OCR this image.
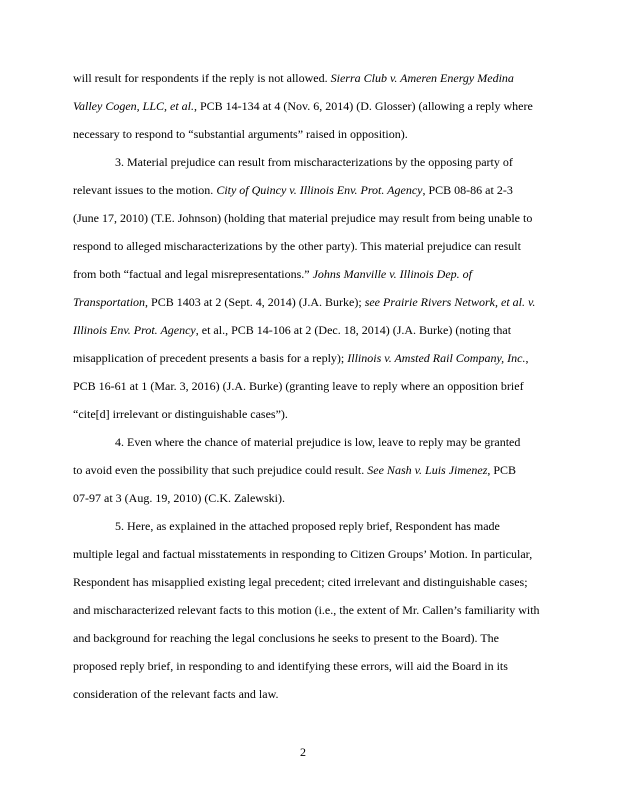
will result for respondents if the reply is not allowed. Sierra Club v. Ameren Energy Medina
Valley Cogen, LLC, et al., PCB 14-134 at 4 (Nov. 6, 2014) (D. Glosser) (allowing a reply where
necessary to respond to “substantial arguments” raised in opposition).
3. Material prejudice can result from mischaracterizations by the opposing party of
relevant issues to the motion. City of Quincy v. Illinois Env. Prot. Agency, PCB 08-86 at 2-3
(June 17, 2010) (T.E. Johnson) (holding that material prejudice may result from being unable to
respond to alleged mischaracterizations by the other party). This material prejudice can result
from both “factual and legal misrepresentations.” Johns Manville v. Illinois Dep. of
Transportation, PCB 1403 at 2 (Sept. 4, 2014) (J.A. Burke); see Prairie Rivers Network, et al. v.
Illinois Env. Prot. Agency, et al., PCB 14-106 at 2 (Dec. 18, 2014) (J.A. Burke) (noting that
misapplication of precedent presents a basis for a reply); Illinois v. Amsted Rail Company, Inc.,
PCB 16-61 at 1 (Mar. 3, 2016) (J.A. Burke) (granting leave to reply where an opposition brief
“cite[d] irrelevant or distinguishable cases”).
4. Even where the chance of material prejudice is low, leave to reply may be granted
to avoid even the possibility that such prejudice could result. See Nash v. Luis Jimenez, PCB
07-97 at 3 (Aug. 19, 2010) (C.K. Zalewski).
5. Here, as explained in the attached proposed reply brief, Respondent has made
multiple legal and factual misstatements in responding to Citizen Groups’ Motion. In particular,
Respondent has misapplied existing legal precedent; cited irrelevant and distinguishable cases;
and mischaracterized relevant facts to this motion (i.e., the extent of Mr. Callen’s familiarity with
and background for reaching the legal conclusions he seeks to present to the Board). The
proposed reply brief, in responding to and identifying these errors, will aid the Board in its
consideration of the relevant facts and law.
2
